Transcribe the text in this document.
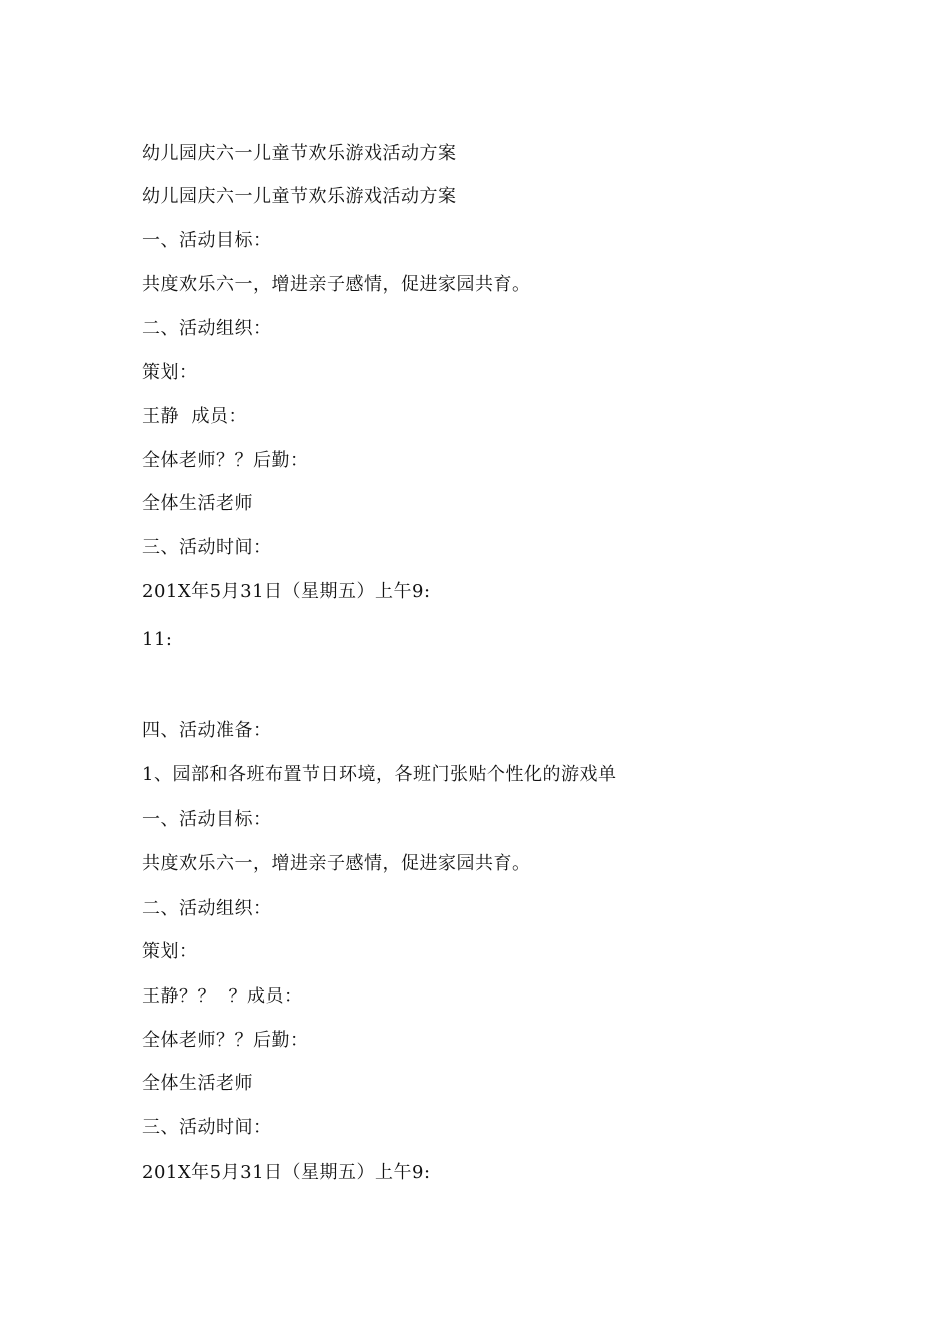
幼儿园庆六一儿童节欢乐游戏活动方案
幼儿园庆六一儿童节欢乐游戏活动方案
一、活动目标：
共度欢乐六一，增进亲子感情，促进家园共育。
二、活动组织：
策划：
王静  成员：
全体老师？？后勤：
全体生活老师
三、活动时间：
201X年5月31日（星期五）上午9:
11:
四、活动准备：
1、园部和各班布置节日环境，各班门张贴个性化的游戏单
一、活动目标：
共度欢乐六一，增进亲子感情，促进家园共育。
二、活动组织：
策划：
王静？？  ？成员：
全体老师？？后勤：
全体生活老师
三、活动时间：
201X年5月31日（星期五）上午9:
